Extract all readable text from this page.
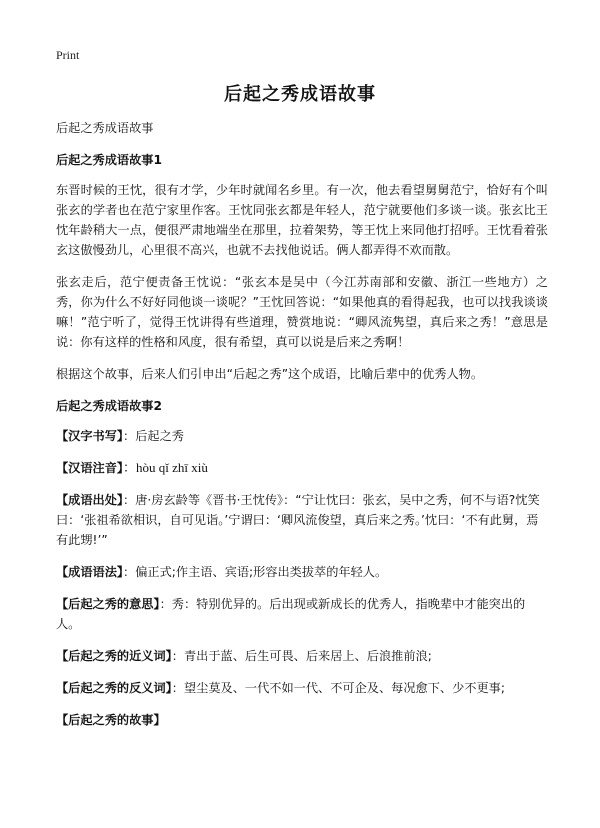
Print
后起之秀成语故事

后起之秀成语故事

后起之秀成语故事1

东晋时候的王忱，很有才学，少年时就闻名乡里。有一次，他去看望舅舅范宁，恰好有个叫张玄的学者也在范宁家里作客。王忱同张玄都是年轻人，范宁就要他们多谈一谈。张玄比王忱年龄稍大一点，便很严肃地端坐在那里，拉着架势，等王忱上来同他打招呼。王忱看着张玄这傲慢劲儿，心里很不高兴，也就不去找他说话。俩人都弄得不欢而散。

张玄走后，范宁便责备王忱说：“张玄本是吴中（今江苏南部和安徽、浙江一些地方）之秀，你为什么不好好同他谈一谈呢？”王忱回答说：“如果他真的看得起我，也可以找我谈谈嘛！”范宁听了，觉得王忱讲得有些道理，赞赏地说：“卿风流隽望，真后来之秀！”意思是说：你有这样的性格和风度，很有希望，真可以说是后来之秀啊！

根据这个故事，后来人们引申出“后起之秀”这个成语，比喻后辈中的优秀人物。

后起之秀成语故事2

【汉字书写】：后起之秀

【汉语注音】：hòu qǐ zhī xiù

【成语出处】：唐·房玄龄等《晋书·王忱传》：“宁让忱曰：张玄，吴中之秀，何不与语?忱笑曰：‘张祖希欲相识，自可见诣。’宁谓曰：‘卿风流俊望，真后来之秀。’忱曰：‘不有此舅，焉有此甥!’”

【成语语法】：偏正式;作主语、宾语;形容出类拔萃的年轻人。

【后起之秀的意思】：秀：特别优异的。后出现或新成长的优秀人，指晚辈中才能突出的人。

【后起之秀的近义词】：青出于蓝、后生可畏、后来居上、后浪推前浪;

【后起之秀的反义词】：望尘莫及、一代不如一代、不可企及、每况愈下、少不更事;

【后起之秀的故事】
